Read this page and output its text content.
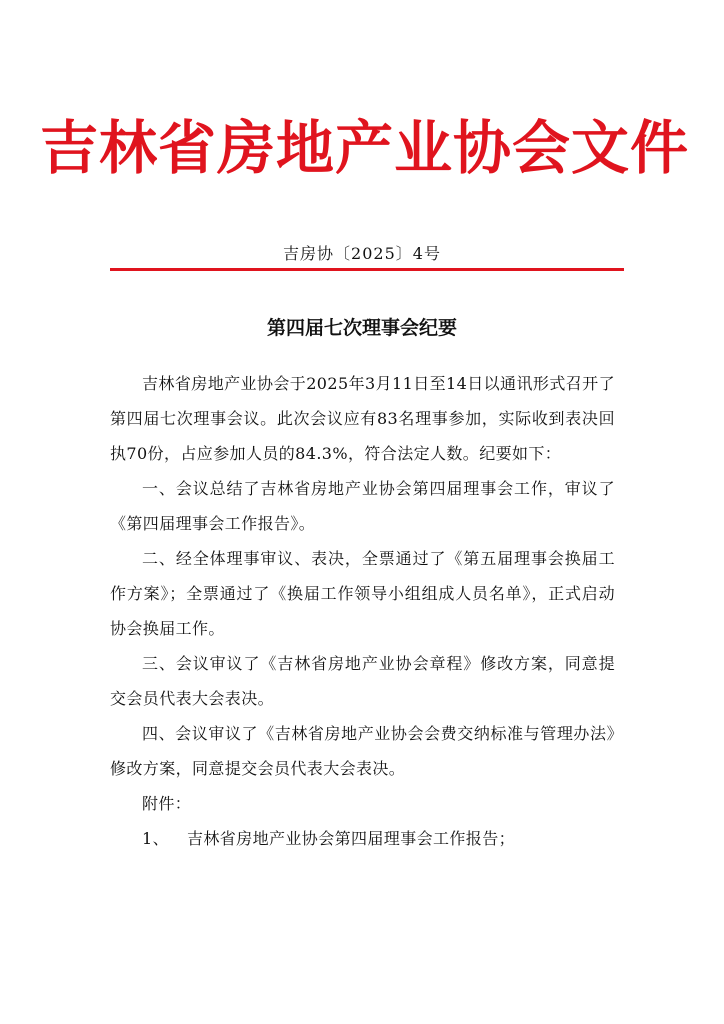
吉林省房地产业协会文件
吉房协〔2025〕4号
第四届七次理事会纪要

吉林省房地产业协会于2025年3月11日至14日以通讯形式召开了第四届七次理事会议。此次会议应有83名理事参加，实际收到表决回执70份，占应参加人员的84.3%，符合法定人数。纪要如下：

一、会议总结了吉林省房地产业协会第四届理事会工作，审议了《第四届理事会工作报告》。

二、经全体理事审议、表决，全票通过了《第五届理事会换届工作方案》；全票通过了《换届工作领导小组组成人员名单》，正式启动协会换届工作。

三、会议审议了《吉林省房地产业协会章程》修改方案，同意提交会员代表大会表决。

四、会议审议了《吉林省房地产业协会会费交纳标准与管理办法》修改方案，同意提交会员代表大会表决。

附件：

1、 吉林省房地产业协会第四届理事会工作报告；
